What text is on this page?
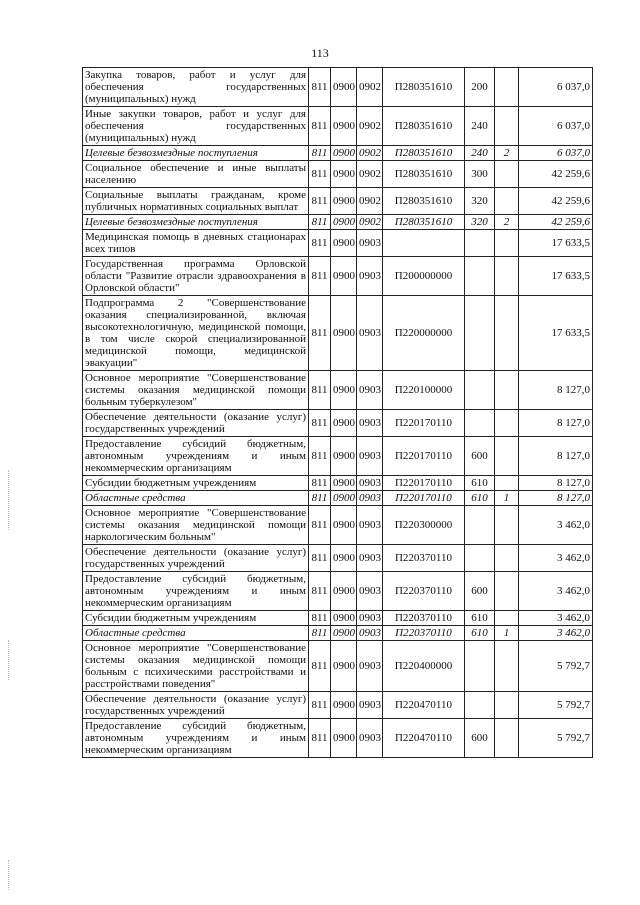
113
Закупка товаров, работ и услуг для обеспечения государственных (муниципальных) нужд	811	0900	0902	П280351610	200		6 037,0
Иные закупки товаров, работ и услуг для обеспечения государственных (муниципальных) нужд	811	0900	0902	П280351610	240		6 037,0
Целевые безвозмездные поступления	811	0900	0902	П280351610	240	2	6 037,0
Социальное обеспечение и иные выплаты населению	811	0900	0902	П280351610	300		42 259,6
Социальные выплаты гражданам, кроме публичных нормативных социальных выплат	811	0900	0902	П280351610	320		42 259,6
Целевые безвозмездные поступления	811	0900	0902	П280351610	320	2	42 259,6
Медицинская помощь в дневных стационарах всех типов	811	0900	0903				17 633,5
Государственная программа Орловской области "Развитие отрасли здравоохранения в Орловской области"	811	0900	0903	П200000000			17 633,5
Подпрограмма 2 "Совершенствование оказания специализированной, включая высокотехнологичную, медицинской помощи, в том числе скорой специализированной медицинской помощи, медицинской эвакуации"	811	0900	0903	П220000000			17 633,5
Основное мероприятие "Совершенствование системы оказания медицинской помощи больным туберкулезом"	811	0900	0903	П220100000			8 127,0
Обеспечение деятельности (оказание услуг) государственных учреждений	811	0900	0903	П220170110			8 127,0
Предоставление субсидий бюджетным, автономным учреждениям и иным некоммерческим организациям	811	0900	0903	П220170110	600		8 127,0
Субсидии бюджетным учреждениям	811	0900	0903	П220170110	610		8 127,0
Областные средства	811	0900	0903	П220170110	610	1	8 127,0
Основное мероприятие "Совершенствование системы оказания медицинской помощи наркологическим больным"	811	0900	0903	П220300000			3 462,0
Обеспечение деятельности (оказание услуг) государственных учреждений	811	0900	0903	П220370110			3 462,0
Предоставление субсидий бюджетным, автономным учреждениям и иным некоммерческим организациям	811	0900	0903	П220370110	600		3 462,0
Субсидии бюджетным учреждениям	811	0900	0903	П220370110	610		3 462,0
Областные средства	811	0900	0903	П220370110	610	1	3 462,0
Основное мероприятие "Совершенствование системы оказания медицинской помощи больным с психическими расстройствами и расстройствами поведения"	811	0900	0903	П220400000			5 792,7
Обеспечение деятельности (оказание услуг) государственных учреждений	811	0900	0903	П220470110			5 792,7
Предоставление субсидий бюджетным, автономным учреждениям и иным некоммерческим организациям	811	0900	0903	П220470110	600		5 792,7
